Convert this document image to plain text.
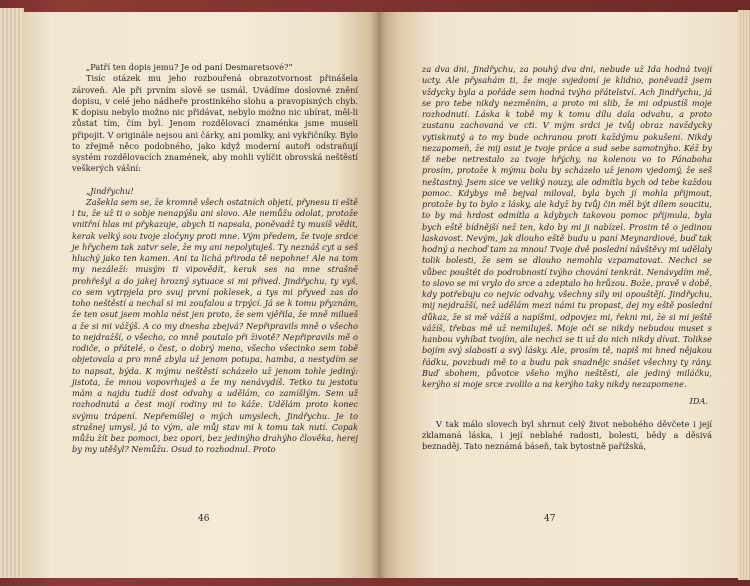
„Patří ten dopis jemu? Je od paní Desmaretsové?“

Tisíc otázek mu jeho rozbouřená obrazotvornost přinášela zároveň. Ale při prvním slově se usmál. Uvádíme doslovné znění dopisu, v celé jeho nádheře prostinkého slohu a pravopisných chyb. K dopisu nebylo možno nic přidávat, nebylo možno nic ubírat, měl-li zůstat tím, čím byl. Jenom rozdělovací znaménka jsme museli připojit. V originále nejsou ani čárky, ani pomlky, ani vykřičníky. Bylo to zřejmě něco podobného, jako když moderní autoři odstraňují systém rozdělovacích znamének, aby mohli vylíčit obrovská neštěstí veškerých vášní:

„Jindřychu!

Zašekla sem se, že kromně všech ostatních objetí, přynesu ti eště i tu, že už ti o sobje nenapýšu ani slovo. Ale nemůžu odolat, protože vnitřní hlas mi přykazuje, abych ti napsala, poněvadž ty musíš vědit, kerak velký sou tvoje zločyny proti mne. Vým předem, že tvoje srdce je hřychem tak zatvr sele, že my ani nepolytuješ. Ty neznáš cyt a seš hluchý jako ten kamen. Ani ta lichá přiroda tě nepohne! Ale na tom my nezáleží: musým ti vipovědít, kerak ses na mne strašně prohřešyl a do jakej hrozný sytuace si mi přived. Jindřychu, ty vyš, co sem vytrpjela pro svuj první poklesek, a tys mi přyved zas do toho neštěstí a nechal si mi zoufalou a trpýcí. Já se k tomu přyznám, že ten osut jsem mohla nést jen proto, že sem vjěřila, že mně milueš a že si mi vážýš. A co my dnesha zbejvá? Nepřipravils mně o všecho to nejdražší, o všecho, co mně poutalo při životě? Nepřipravils mě o rodiče, o přátelé, o čest, o dobrý meno, všecho všecinko sem tobě objetovala a pro mně zbyla už jenom potupa, hamba, a nestydím se to napsat, býda. K mýmu neštěstí scházelo už jenom tohle jediný: jistota, že mnou vopovrhuješ a že my nenávydíš. Tetko tu jestotu mám a najdu tudíž dost odvahy a udělám, co zamíšlým. Sem už rozhodnutá a čest mojí rodiny mi to káže. Udělám proto konec svýmu trápení. Nepřemíšlej o mých umyslech, Jindřychu. Je to strašnej umysl, já to vým, ale můj stav mi k tomu tak nutí. Copak můžu žít bez pomoci, bez opori, bez jedinýho drahýho člověka, herej by my utěšyl? Nemůžu. Osud to rozhodnul. Proto

46

za dva dni, Jindřychu, za pouhý dva dni, nebude už Ida hodná tvojí ucty. Ale přysahám ti, že moje svjedomí je klidno, poněvadž jsem vždycky byla a pořáde sem hodná tvýho přátelství. Ach Jindřychu, já se pro tebe nikdy nezměním, a proto mi slib, že mi odpustíš moje rozhodnutí. Láska k tobě my k tomu dílu dala odvahu, a proto zustanu zachovaná ve cti. V mým srdci je tvůj obraz navždycky vytisknutý a to my bude ochranou proti každýmu pokušení. Nikdy nezapomeň, že mij osut je tvoje práce a sud sebe samotnýho. Kéž by tě nebe netrestalo za tvoje hřýchy, na kolenou vo to Pánaboha prosím, protože k mýmu bolu by scházelo už jenom vjedomý, že seš neštastný. Jsem sice ve veliký nouzy, ale odmítla bych od tebe každou pomoc. Kdybys mě bejval miloval, byla bych jí mohla přijmout, protože by to bylo z lásky, ale když by tvůj čin měl být dílem soucitu, to by má hrdost odmítla a kdybych takovou pomoc přijmula, byla bych eště bídnější než ten, kdo by mi ji nabízel. Prosim tě o jedinou laskavost. Nevým, jak dlouho eště budu u paní Meynardiové, buď tak hodný a nechoď tam za mnou! Tvoje dvě poslední návštěvy mi udělaly tolik bolesti, že sem se dlouho nemohla vzpamatovat. Nechci se vůbec pouštět do podrobností tvýho chování tenkrát. Nenávydím mě, to slovo se mi vrylo do srce a zdeptalo ho hrůzou. Bože, pravě v době, kdy potřebuju co nejvíc odvahy, všechny síly mi opouštějí. Jindřychu, mij nejdražší, než udělám mezi námi tu propast, dej my eště poslední důkaz, že si mě vážíš a napíšmi, odpovjez mi, řekni mi, že si mi ještě vážíš, třebas mě už nemiluješ. Moje oči se nikdy nebudou muset s hanbou vyhíbat tvojím, ale nechci se ti už do nich nikdy dívat. Tolikse bojím svý slabosti a svý lásky. Ale, prosím tě, napiš mi hned nějakou řádku, povzbudi mě to a budu pak snadnějc snášet všechny ty rány. Buď sbohem, půvotce všeho mýho neštěstí, ale jediný miláčku, kerýho si moje srce zvolilo a na kerýho taky nikdy nezapomene.

IDA.

V tak málo slovech byl shrnut celý život nebohého děvčete i její zklamaná láska, i její neblahé radosti, bolesti, bědy a děsivá beznaděj. Tato neznámá báseň, tak bytostně pařížská,

47
